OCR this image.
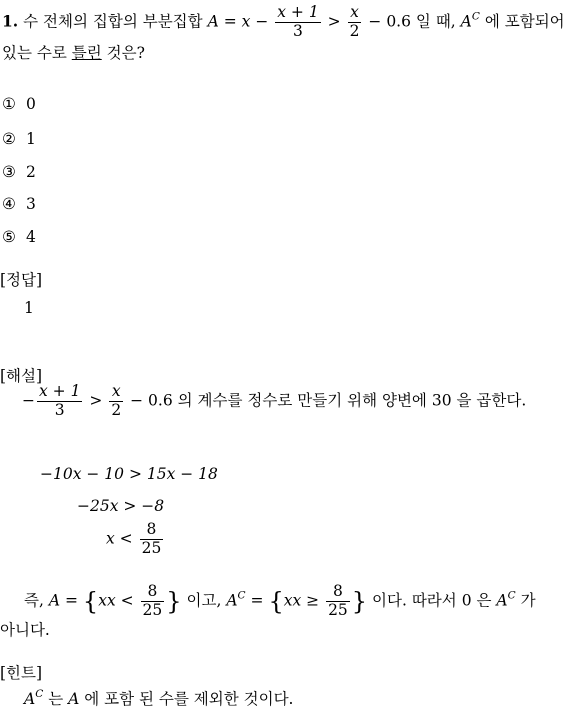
1. 수 전체의 집합의 부분집합 $A = x - \frac{x + 1}{3} > \frac{x}{2} - 0.6$ 일 때, $A^C$ 에 포함되어
있는 수로 틀린 것은?
① 0
② 1
③ 2
④ 3
⑤ 4
[정답]
1
[해설]
− $\frac{x + 1}{3} > \frac{x}{2} - 0.6$ 의 계수를 정수로 만들기 위해 양변에 30 을 곱한다.
−10x − 10 > 15x − 18
−25x > −8
$x < \frac{8}{25}$
즉, $A = \{xx < \frac{8}{25}$ } 이고, $A^C = \{xx \ge \frac{8}{25}$ } 이다. 따라서 0 은 $A^C$ 가
아니다.
[힌트]
$A^C$ 는 A 에 포함 된 수를 제외한 것이다.
